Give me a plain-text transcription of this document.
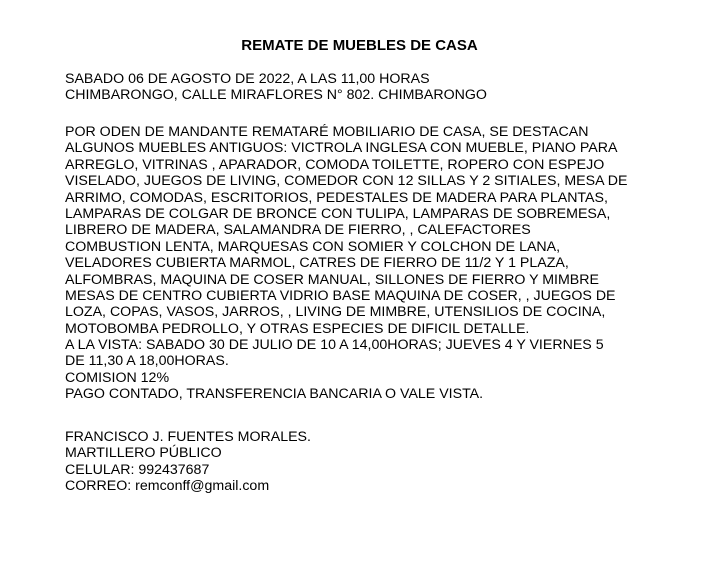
REMATE DE MUEBLES DE CASA
SABADO 06 DE AGOSTO DE 2022, A LAS 11,00 HORAS
CHIMBARONGO, CALLE MIRAFLORES N° 802. CHIMBARONGO
POR ODEN DE MANDANTE REMATARÉ MOBILIARIO DE CASA, SE DESTACAN
ALGUNOS MUEBLES ANTIGUOS: VICTROLA INGLESA CON MUEBLE, PIANO PARA
ARREGLO, VITRINAS , APARADOR, COMODA TOILETTE, ROPERO CON ESPEJO
VISELADO, JUEGOS DE LIVING, COMEDOR CON 12 SILLAS Y 2 SITIALES, MESA DE
ARRIMO, COMODAS, ESCRITORIOS, PEDESTALES DE MADERA PARA PLANTAS,
LAMPARAS DE COLGAR DE BRONCE CON TULIPA, LAMPARAS DE SOBREMESA,
LIBRERO DE MADERA, SALAMANDRA DE FIERRO, , CALEFACTORES
COMBUSTION LENTA, MARQUESAS CON SOMIER Y COLCHON DE LANA,
VELADORES CUBIERTA MARMOL, CATRES DE FIERRO DE 11/2 Y 1 PLAZA,
ALFOMBRAS, MAQUINA DE COSER MANUAL, SILLONES DE FIERRO Y MIMBRE
MESAS DE CENTRO CUBIERTA VIDRIO BASE MAQUINA DE COSER, , JUEGOS DE
LOZA, COPAS, VASOS, JARROS, , LIVING DE MIMBRE, UTENSILIOS DE COCINA,
MOTOBOMBA PEDROLLO, Y OTRAS ESPECIES DE DIFICIL DETALLE.
A LA VISTA: SABADO 30 DE JULIO DE 10 A 14,00HORAS; JUEVES 4 Y VIERNES 5
DE 11,30 A 18,00HORAS.
COMISION 12%
PAGO CONTADO, TRANSFERENCIA BANCARIA O VALE VISTA.
FRANCISCO J. FUENTES MORALES.
MARTILLERO PÚBLICO
CELULAR: 992437687
CORREO: remconff@gmail.com
